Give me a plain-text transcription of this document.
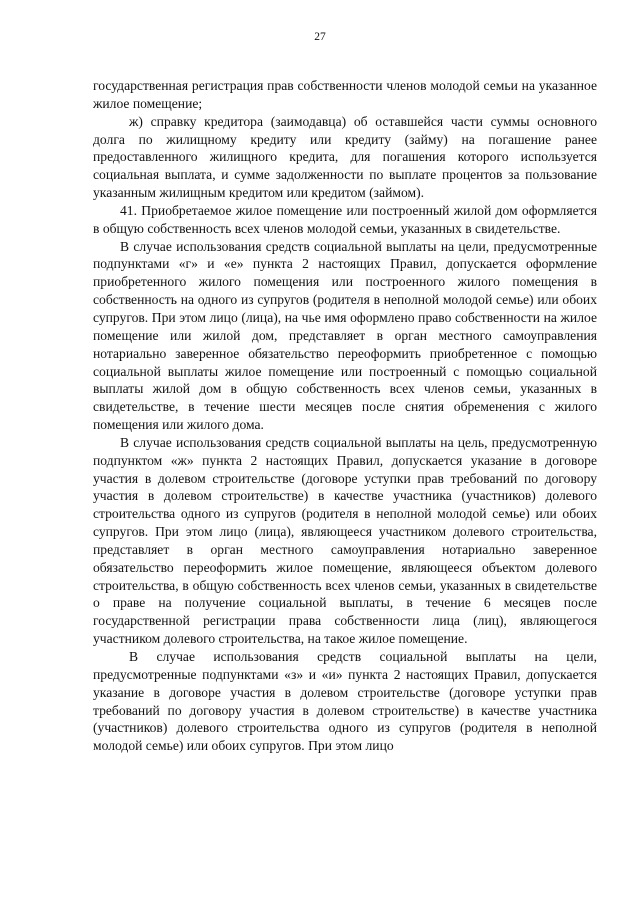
27

государственная регистрация прав собственности членов молодой семьи на указанное жилое помещение;

ж) справку кредитора (заимодавца) об оставшейся части суммы основного долга по жилищному кредиту или кредиту (займу) на погашение ранее предоставленного жилищного кредита, для погашения которого используется социальная выплата, и сумме задолженности по выплате процентов за пользование указанным жилищным кредитом или кредитом (займом).

41. Приобретаемое жилое помещение или построенный жилой дом оформляется в общую собственность всех членов молодой семьи, указанных в свидетельстве.

В случае использования средств социальной выплаты на цели, предусмотренные подпунктами «г» и «е» пункта 2 настоящих Правил, допускается оформление приобретенного жилого помещения или построенного жилого помещения в собственность на одного из супругов (родителя в неполной молодой семье) или обоих супругов. При этом лицо (лица), на чье имя оформлено право собственности на жилое помещение или жилой дом, представляет в орган местного самоуправления нотариально заверенное обязательство переоформить приобретенное с помощью социальной выплаты жилое помещение или построенный с помощью социальной выплаты жилой дом в общую собственность всех членов семьи, указанных в свидетельстве, в течение шести месяцев после снятия обременения с жилого помещения или жилого дома.

В случае использования средств социальной выплаты на цель, предусмотренную подпунктом «ж» пункта 2 настоящих Правил, допускается указание в договоре участия в долевом строительстве (договоре уступки прав требований по договору участия в долевом строительстве) в качестве участника (участников) долевого строительства одного из супругов (родителя в неполной молодой семье) или обоих супругов. При этом лицо (лица), являющееся участником долевого строительства, представляет в орган местного самоуправления нотариально заверенное обязательство переоформить жилое помещение, являющееся объектом долевого строительства, в общую собственность всех членов семьи, указанных в свидетельстве о праве на получение социальной выплаты, в течение 6 месяцев после государственной регистрации права собственности лица (лиц), являющегося участником долевого строительства, на такое жилое помещение.

В случае использования средств социальной выплаты на цели, предусмотренные подпунктами «з» и «и» пункта 2 настоящих Правил, допускается указание в договоре участия в долевом строительстве (договоре уступки прав требований по договору участия в долевом строительстве) в качестве участника (участников) долевого строительства одного из супругов (родителя в неполной молодой семье) или обоих супругов. При этом лицо
